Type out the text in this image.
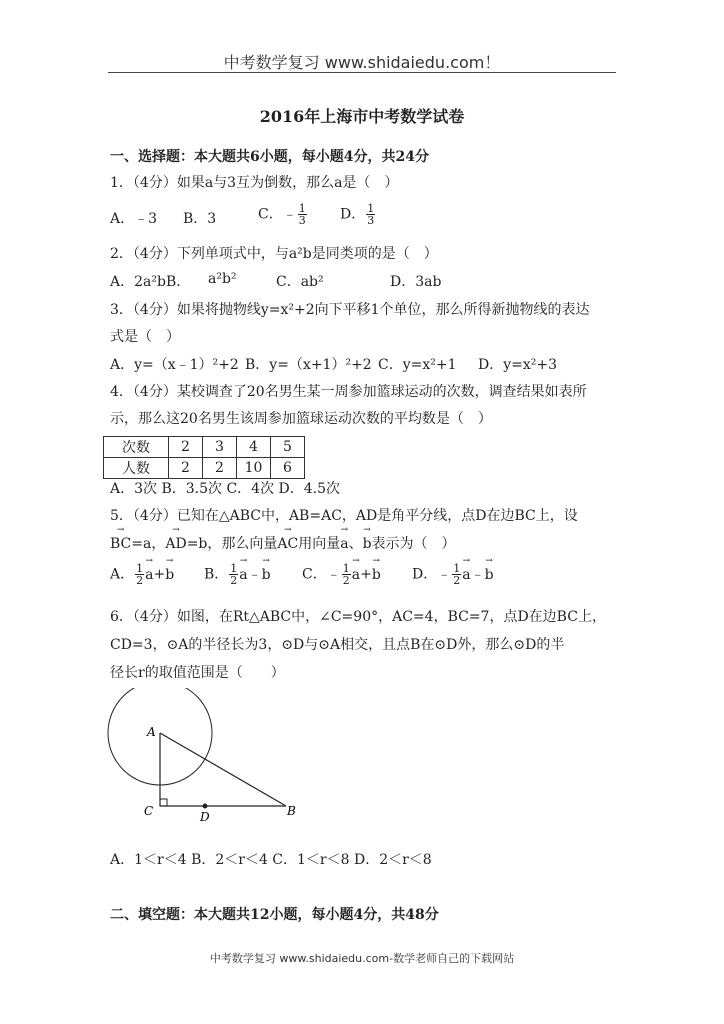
中考数学复习 www.shidaiedu.com！
2016年上海市中考数学试卷
一、选择题：本大题共6小题，每小题4分，共24分
1．（4分）如果a与3互为倒数，那么a是（　）
A．﹣3 B．3	C．﹣ $\frac{1}{3}$ D． $\frac{1}{3}$
2．（4分）下列单项式中，与a²b是同类项的是（　）
A．2a²bB． a²b²	C．ab²	D．3ab
3．（4分）如果将抛物线y=x²+2向下平移1个单位，那么所得新抛物线的表达
式是（　）
A．y=（x﹣1）²+2 B．y=（x+1）²+2 C．y=x²+1 D．y=x²+3
4．（4分）某校调查了20名男生某一周参加篮球运动的次数，调查结果如表所
示，那么这20名男生该周参加篮球运动次数的平均数是（　）
次数	2	3	4	5
人数	2	2	10	6
A．3次 B．3.5次 C．4次 D．4.5次
5．（4分）已知在△ABC中，AB=AC，AD是角平分线，点D在边BC上，设
→ BC=a，→ AD=b，那么向量→ AC用向量→ a、→ b表示为（　）
A． $\frac{1}{2} \to a+\to b$ B． $\frac{1}{2}$ → a﹣→ b C．﹣ $\frac{1}{2} \to a+\to b$ D．﹣ $\frac{1}{2}$ → a﹣→ b
6．（4分）如图，在Rt△ABC中，∠C=90°，AC=4，BC=7，点D在边BC上，
CD=3，⊙A的半径长为3，⊙D与⊙A相交，且点B在⊙D外，那么⊙D的半
径长r的取值范围是（　　）
A
C	D	B
A．1＜r＜4 B．2＜r＜4 C．1＜r＜8 D．2＜r＜8
二、填空题：本大题共12小题，每小题4分，共48分
中考数学复习 www.shidaiedu.com-数学老师自己的下载网站
